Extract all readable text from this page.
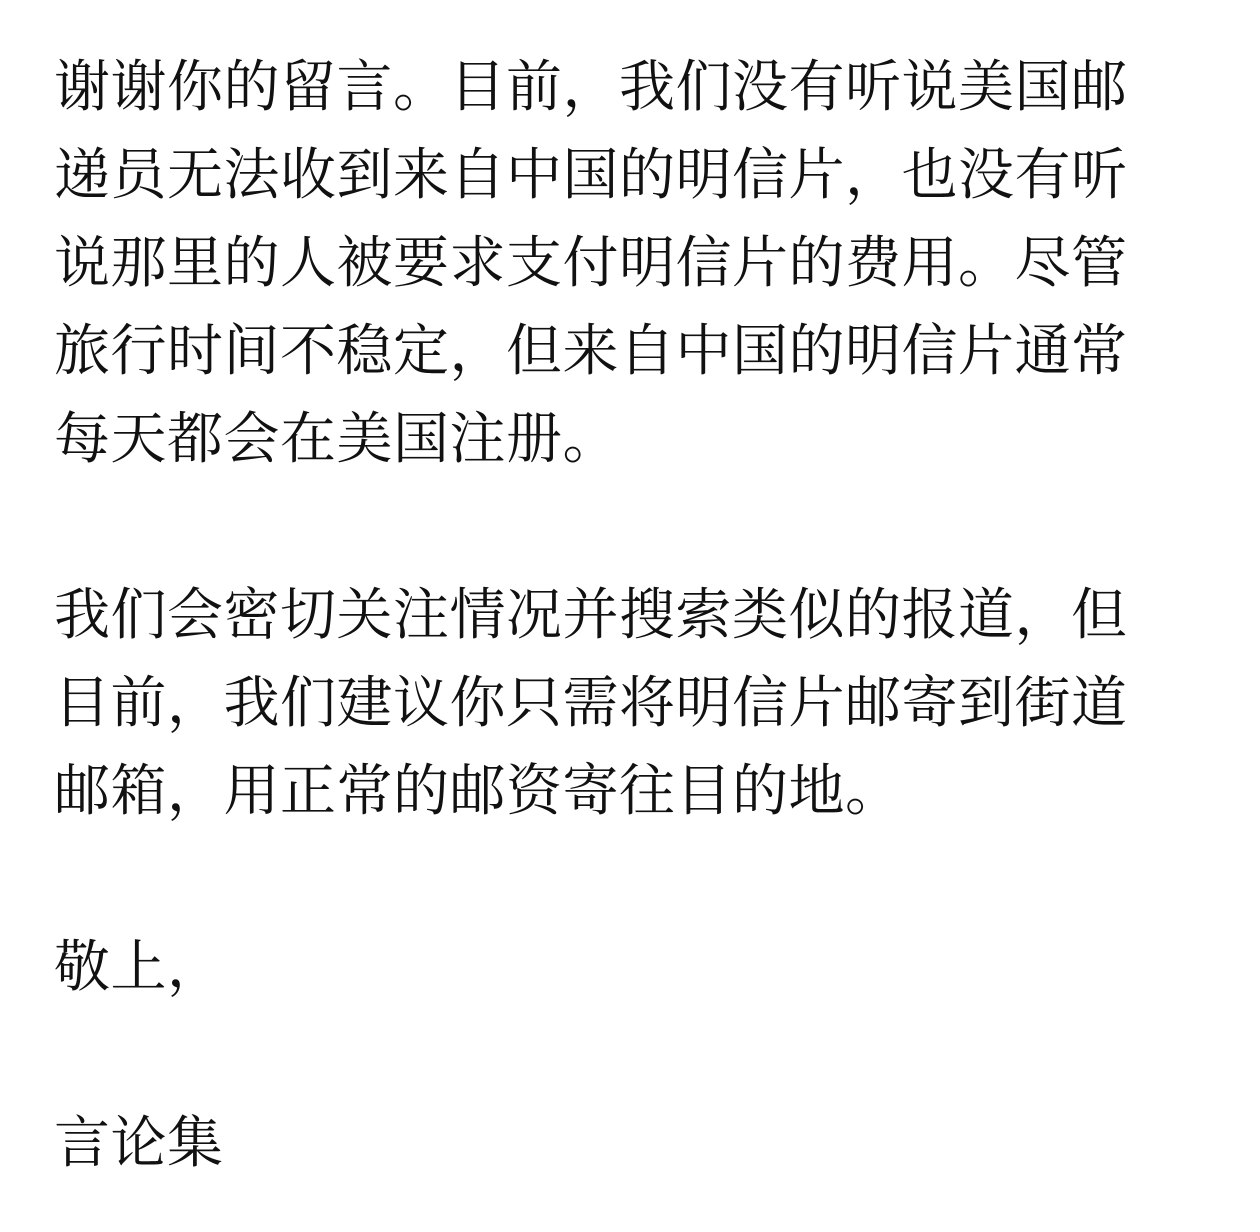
谢谢你的留言。目前，我们没有听说美国邮
递员无法收到来自中国的明信片，也没有听
说那里的人被要求支付明信片的费用。尽管
旅行时间不稳定，但来自中国的明信片通常
每天都会在美国注册。
我们会密切关注情况并搜索类似的报道，但
目前，我们建议你只需将明信片邮寄到街道
邮箱，用正常的邮资寄往目的地。
敬上，
言论集
